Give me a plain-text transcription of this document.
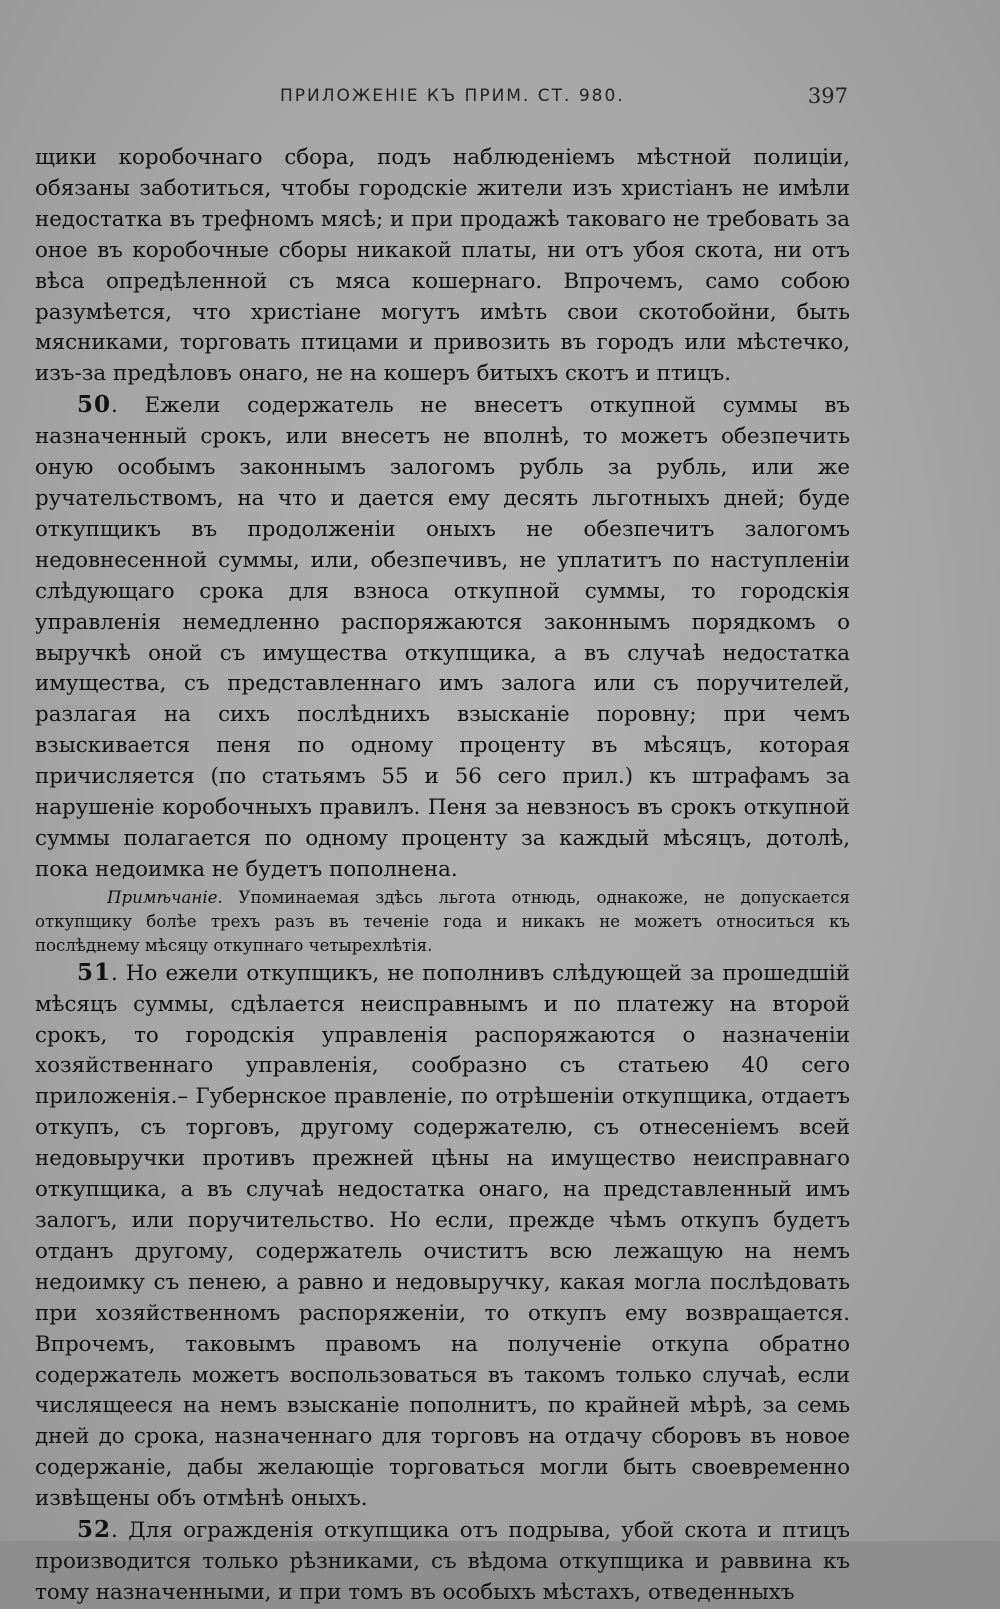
ПРИЛОЖЕНІЕ КЪ ПРИМ. СТ. 980.	397

щики коробочнаго сбора, подъ наблюденіемъ мѣстной полиціи, обязаны заботиться, чтобы городскіе жители изъ христіанъ не имѣли недостатка въ трефномъ мясѣ; и при продажѣ таковаго не требовать за оное въ коробочные сборы никакой платы, ни отъ убоя скота, ни отъ вѣса опредѣленной съ мяса кошернаго. Впрочемъ, само собою разумѣется, что христіане могутъ имѣть свои скотобойни, быть мясниками, торговать птицами и привозить въ городъ или мѣстечко, изъ-за предѣловъ онаго, не на кошеръ битыхъ скотъ и птицъ.

50. Ежели содержатель не внесетъ откупной суммы въ назначенный срокъ, или внесетъ не вполнѣ, то можетъ обезпечить оную особымъ законнымъ залогомъ рубль за рубль, или же ручательствомъ, на что и дается ему десять льготныхъ дней; буде откупщикъ въ продолженіи оныхъ не обезпечитъ залогомъ недовнесенной суммы, или, обезпечивъ, не уплатитъ по наступленіи слѣдующаго срока для взноса откупной суммы, то городскія управленія немедленно распоряжаются законнымъ порядкомъ о выручкѣ оной съ имущества откупщика, а въ случаѣ недостатка имущества, съ представленнаго имъ залога или съ поручителей, разлагая на сихъ послѣднихъ взысканіе поровну; при чемъ взыскивается пеня по одному проценту въ мѣсяцъ, которая причисляется (по статьямъ 55 и 56 сего прил.) къ штрафамъ за нарушеніе коробочныхъ правилъ. Пеня за невзносъ въ срокъ откупной суммы полагается по одному проценту за каждый мѣсяцъ, дотолѣ, пока недоимка не будетъ пополнена.

Примѣчаніе. Упоминаемая здѣсь льгота отнюдь, однакоже, не допускается откупщику болѣе трехъ разъ въ теченіе года и никакъ не можетъ относиться къ послѣднему мѣсяцу откупнаго четырехлѣтія.

51. Но ежели откупщикъ, не пополнивъ слѣдующей за прошедшій мѣсяцъ суммы, сдѣлается неисправнымъ и по платежу на второй срокъ, то городскія управленія распоряжаются о назначеніи хозяйственнаго управленія, сообразно съ статьею 40 сего приложенія.– Губернское правленіе, по отрѣшеніи откупщика, отдаетъ откупъ, съ торговъ, другому содержателю, съ отнесеніемъ всей недовыручки противъ прежней цѣны на имущество неисправнаго откупщика, а въ случаѣ недостатка онаго, на представленный имъ залогъ, или поручительство. Но если, прежде чѣмъ откупъ будетъ отданъ другому, содержатель очиститъ всю лежащую на немъ недоимку съ пенею, а равно и недовыручку, какая могла послѣдовать при хозяйственномъ распоряженіи, то откупъ ему возвращается. Впрочемъ, таковымъ правомъ на полученіе откупа обратно содержатель можетъ воспользоваться въ такомъ только случаѣ, если числящееся на немъ взысканіе пополнитъ, по крайней мѣрѣ, за семь дней до срока, назначеннаго для торговъ на отдачу сборовъ въ новое содержаніе, дабы желающіе торговаться могли быть своевременно извѣщены объ отмѣнѣ оныхъ.

52. Для огражденія откупщика отъ подрыва, убой скота и птицъ производится только рѣзниками, съ вѣдома откупщика и раввина къ тому назначенными, и при томъ въ особыхъ мѣстахъ, отведенныхъ
